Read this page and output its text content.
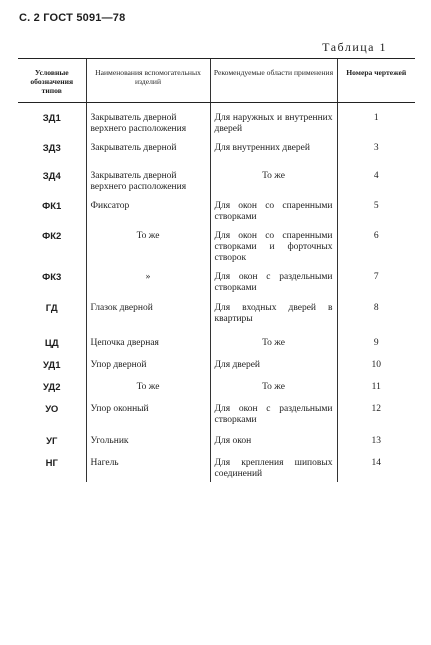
С. 2 ГОСТ 5091—78
Таблица 1
Условные обозначения типов	Наименования вспомогательных изделий	Рекомендуемые области применения	Номера чертежей
ЗД1	Закрыватель дверной верхнего расположения	Для наружных и внутренних дверей	1
ЗД3	Закрыватель дверной	Для внутренних дверей	3
ЗД4	Закрыватель дверной верхнего расположения	То же	4
ФК1	Фиксатор	Для окон со спаренными створками	5
ФК2	То же	Для окон со спаренными створками и форточных створок	6
ФК3	»	Для окон с раздельными створками	7
ГД	Глазок дверной	Для входных дверей в квартиры	8
ЦД	Цепочка дверная	То же	9
УД1	Упор дверной	Для дверей	10
УД2	То же	То же	11
УО	Упор оконный	Для окон с раздельными створками	12
УГ	Угольник	Для окон	13
НГ	Нагель	Для крепления шиповых соединений	14
